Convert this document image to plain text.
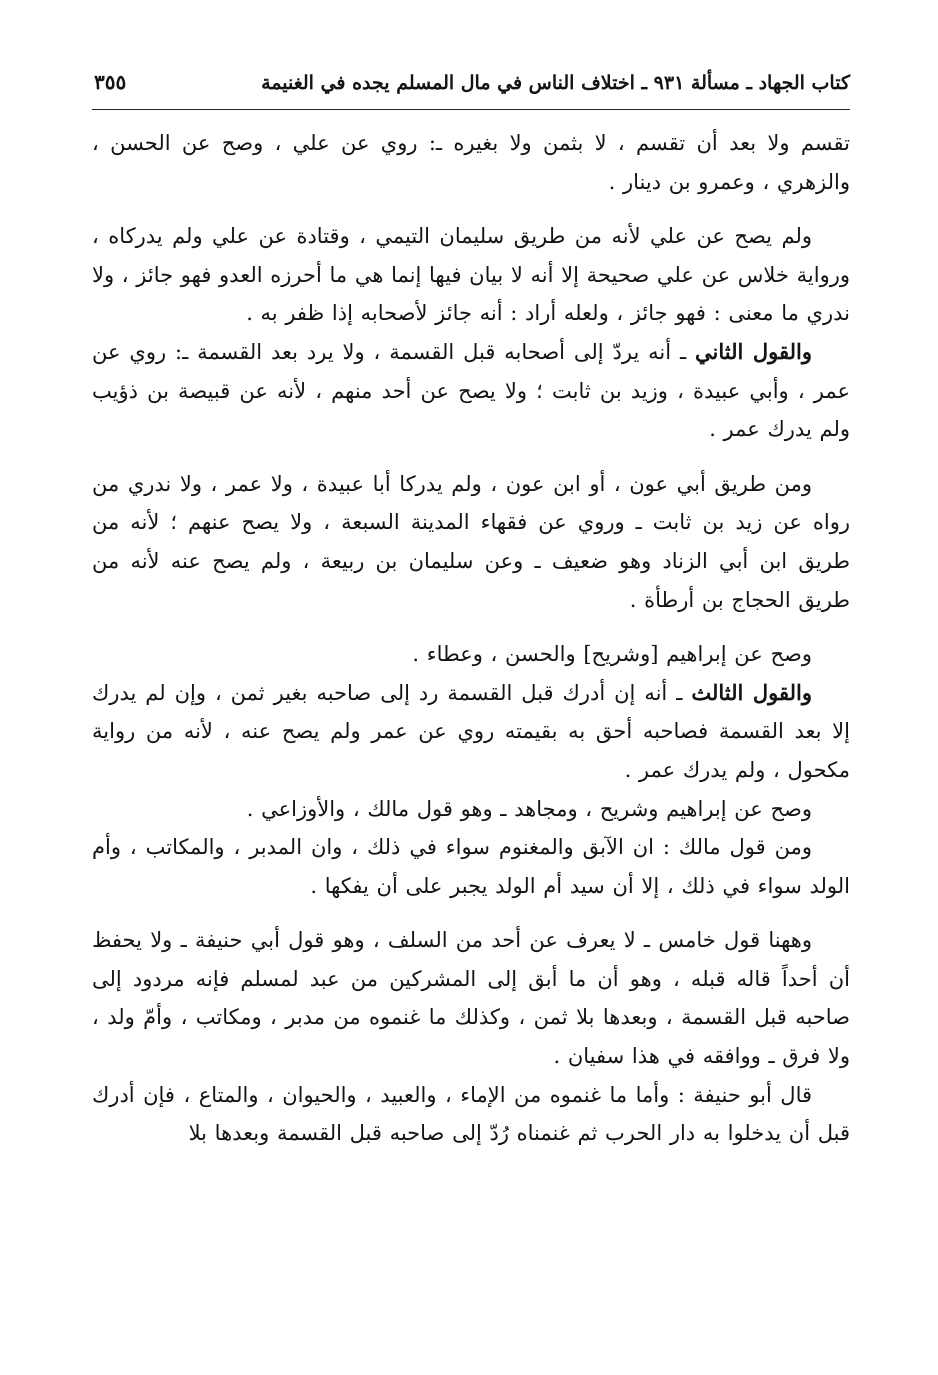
كتاب الجهاد ـ مسألة ٩٣١ ـ اختلاف الناس في مال المسلم يجده في الغنيمة
٣٥٥

تقسم ولا بعد أن تقسم ، لا بثمن ولا بغيره ـ: روي عن علي ، وصح عن الحسن ، والزهري ، وعمرو بن دينار .

ولم يصح عن علي لأنه من طريق سليمان التيمي ، وقتادة عن علي ولم يدركاه ، ورواية خلاس عن علي صحيحة إلا أنه لا بيان فيها إنما هي ما أحرزه العدو فهو جائز ، ولا ندري ما معنى : فهو جائز ، ولعله أراد : أنه جائز لأصحابه إذا ظفر به .

والقول الثاني ـ أنه يردّ إلى أصحابه قبل القسمة ، ولا يرد بعد القسمة ـ: روي عن عمر ، وأبي عبيدة ، وزيد بن ثابت ؛ ولا يصح عن أحد منهم ، لأنه عن قبيصة بن ذؤيب ولم يدرك عمر .

ومن طريق أبي عون ، أو ابن عون ، ولم يدركا أبا عبيدة ، ولا عمر ، ولا ندري من رواه عن زيد بن ثابت ـ وروي عن فقهاء المدينة السبعة ، ولا يصح عنهم ؛ لأنه من طريق ابن أبي الزناد وهو ضعيف ـ وعن سليمان بن ربيعة ، ولم يصح عنه لأنه من طريق الحجاج بن أرطأة .

وصح عن إبراهيم [وشريح] والحسن ، وعطاء .

والقول الثالث ـ أنه إن أدرك قبل القسمة رد إلى صاحبه بغير ثمن ، وإن لم يدرك إلا بعد القسمة فصاحبه أحق به بقيمته روي عن عمر ولم يصح عنه ، لأنه من رواية مكحول ، ولم يدرك عمر .

وصح عن إبراهيم وشريح ، ومجاهد ـ وهو قول مالك ، والأوزاعي .

ومن قول مالك : ان الآبق والمغنوم سواء في ذلك ، وان المدبر ، والمكاتب ، وأم الولد سواء في ذلك ، إلا أن سيد أم الولد يجبر على أن يفكها .

وههنا قول خامس ـ لا يعرف عن أحد من السلف ، وهو قول أبي حنيفة ـ ولا يحفظ أن أحداً قاله قبله ، وهو أن ما أبق إلى المشركين من عبد لمسلم فإنه مردود إلى صاحبه قبل القسمة ، وبعدها بلا ثمن ، وكذلك ما غنموه من مدبر ، ومكاتب ، وأمّ ولد ، ولا فرق ـ ووافقه في هذا سفيان .

قال أبو حنيفة : وأما ما غنموه من الإماء ، والعبيد ، والحيوان ، والمتاع ، فإن أدرك قبل أن يدخلوا به دار الحرب ثم غنمناه رُدّ إلى صاحبه قبل القسمة وبعدها بلا
